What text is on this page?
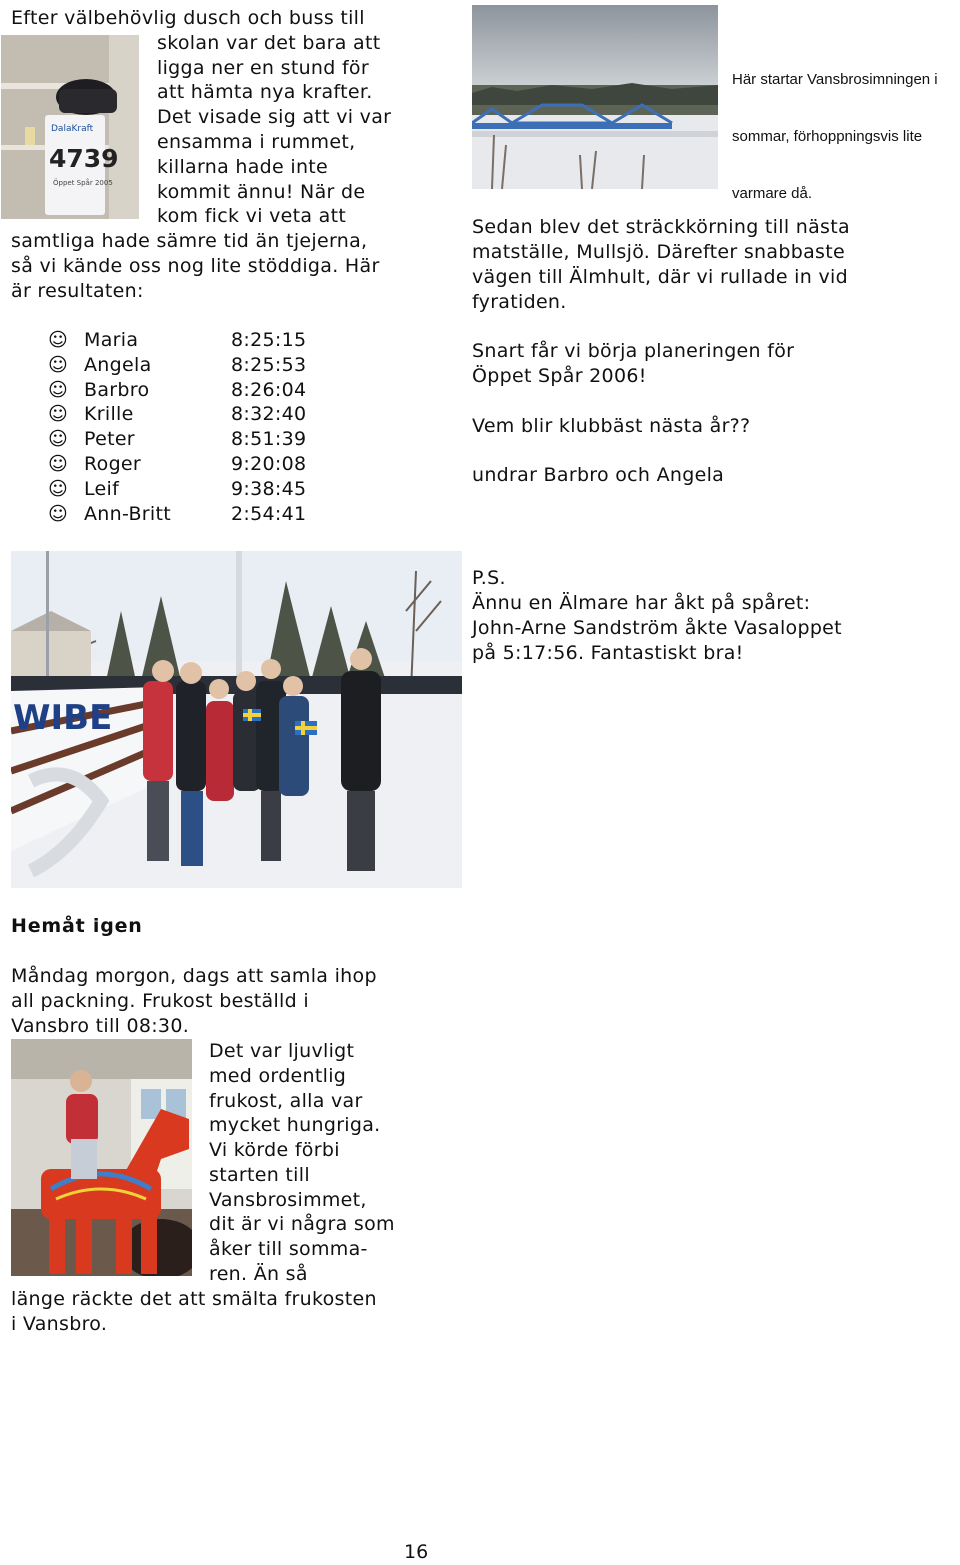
Efter välbehövlig dusch och buss till
skolan var det bara att
ligga ner en stund för
att hämta nya krafter.
Det visade sig att vi var
ensamma i rummet,
killarna hade inte
kommit ännu! När de
kom fick vi veta att
samtliga hade sämre tid än tjejerna,
så vi kände oss nog lite stöddiga. Här
är resultaten:
DalaKraft
4739
Öppet Spår 2005
☺ Maria	8:25:15
☺ Angela	8:25:53
☺ Barbro	8:26:04
☺ Krille	8:32:40
☺ Peter	8:51:39
☺ Roger	9:20:08
☺ Leif	9:38:45
☺ Ann-Britt	2:54:41

Här startar Vansbrosimningen i

sommar, förhoppningsvis lite

varmare då.

Sedan blev det sträckkörning till nästa
matställe, Mullsjö. Därefter snabbaste
vägen till Älmhult, där vi rullade in vid
fyratiden.
Snart får vi börja planeringen för
Öppet Spår 2006!
Vem blir klubbäst nästa år??
undrar Barbro och Angela
WIBE
P.S.
Ännu en Älmare har åkt på spåret:
John-Arne Sandström åkte Vasaloppet
på 5:17:56. Fantastiskt bra!
Hemåt igen
Måndag morgon, dags att samla ihop
all packning. Frukost beställd i
Vansbro till 08:30.
Det var ljuvligt
med ordentlig
frukost, alla var
mycket hungriga.
Vi körde förbi
starten till
Vansbrosimmet,
dit är vi några som
åker till somma-
ren. Än så
länge räckte det att smälta frukosten
i Vansbro.
16
